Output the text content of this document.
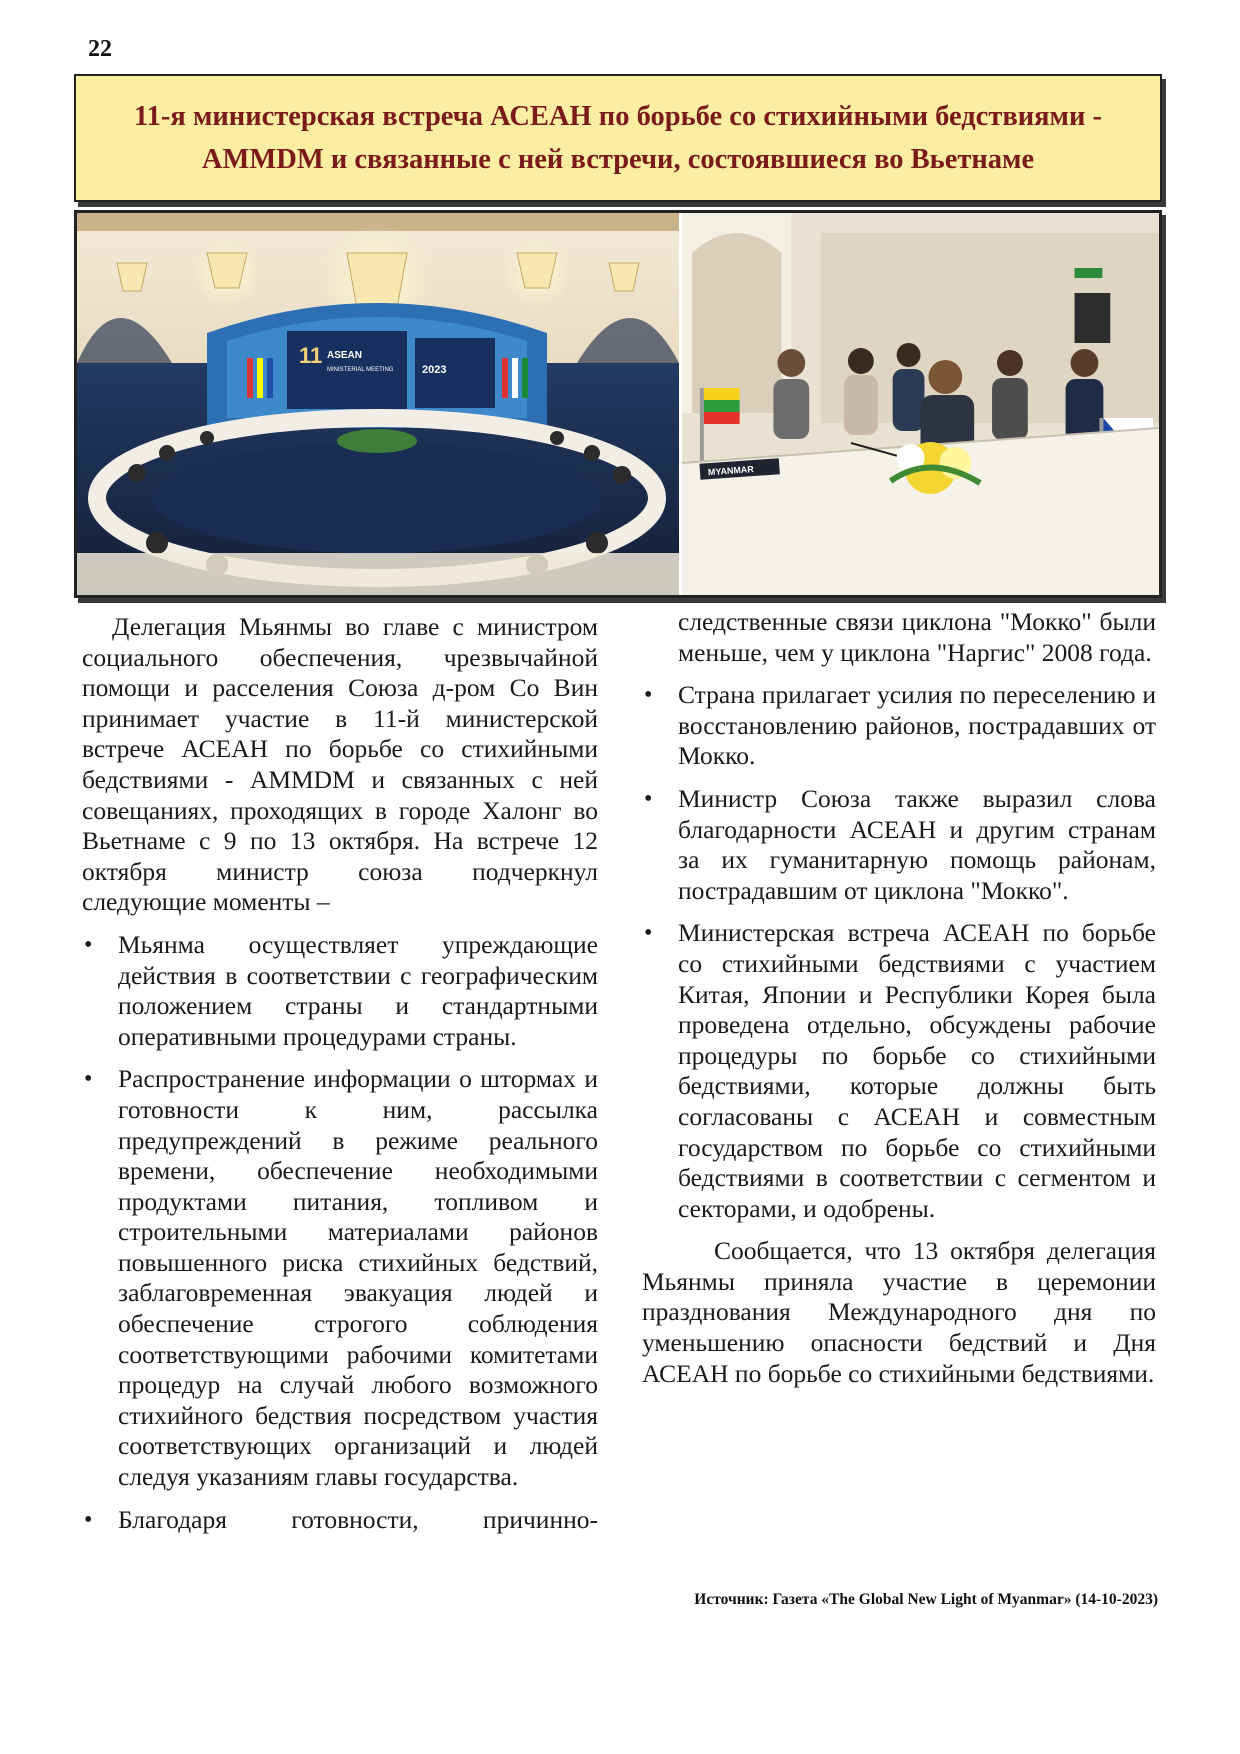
22
11-я министерская встреча АСЕАН по борьбе со стихийными бедствиями -
AMMDM и связанные с ней встречи, состоявшиеся во Вьетнаме
11 ASEAN
MINISTERIAL MEETING	2023
MYANMAR

Делегация Мьянмы во главе с министром социального обеспечения, чрезвычайной помощи и расселения Союза д-ром Со Вин принимает участие в 11-й министерской встрече АСЕАН по борьбе со стихийными бедствиями - AMMDM и связанных с ней совещаниях, проходящих в городе Халонг во Вьетнаме с 9 по 13 октября. На встрече 12 октября министр союза подчеркнул следующие моменты –

• Мьянма осуществляет упреждающие действия в соответствии с географическим положением страны и стандартными оперативными процедурами страны.
• Распространение информации о штормах и готовности к ним, рассылка предупреждений в режиме реального времени, обеспечение необходимыми продуктами питания, топливом и строительными материалами районов повышенного риска стихийных бедствий, заблаговременная эвакуация людей и обеспечение строгого соблюдения соответствующими рабочими комитетами процедур на случай любого возможного стихийного бедствия посредством участия соответствующих организаций и людей следуя указаниям главы государства.
• Благодаря готовности, причинно-

следственные связи циклона "Мокко" были меньше, чем у циклона "Наргис" 2008 года.

• Страна прилагает усилия по переселению и восстановлению районов, пострадавших от Мокко.
• Министр Союза также выразил слова благодарности АСЕАН и другим странам за их гуманитарную помощь районам, пострадавшим от циклона "Мокко".
• Министерская встреча АСЕАН по борьбе со стихийными бедствиями с участием Китая, Японии и Республики Корея была проведена отдельно, обсуждены рабочие процедуры по борьбе со стихийными бедствиями, которые должны быть согласованы с АСЕАН и совместным государством по борьбе со стихийными бедствиями в соответствии с сегментом и секторами, и одобрены.

Сообщается, что 13 октября делегация Мьянмы приняла участие в церемонии празднования Международного дня по уменьшению опасности бедствий и Дня АСЕАН по борьбе со стихийными бедствиями.

Источник: Газета «The Global New Light of Myanmar» (14-10-2023)
